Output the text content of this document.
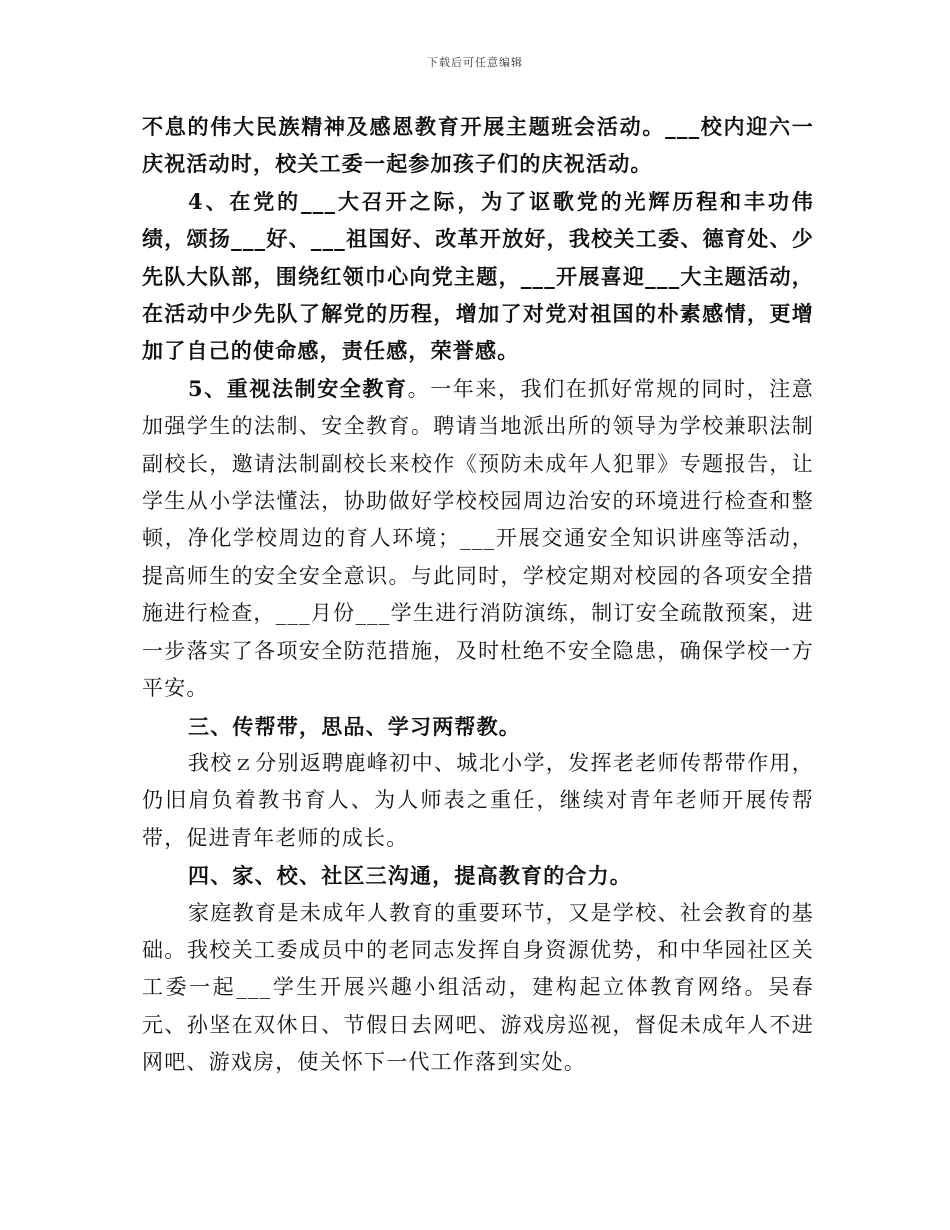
下载后可任意编辑

不息的伟大民族精神及感恩教育开展主题班会活动。___校内迎六一庆祝活动时，校关工委一起参加孩子们的庆祝活动。

4、在党的___大召开之际，为了讴歌党的光辉历程和丰功伟绩，颂扬___好、___祖国好、改革开放好，我校关工委、德育处、少先队大队部，围绕红领巾心向党主题，___开展喜迎___大主题活动，在活动中少先队了解党的历程，增加了对党对祖国的朴素感情，更增加了自己的使命感，责任感，荣誉感。

5、重视法制安全教育。一年来，我们在抓好常规的同时，注意加强学生的法制、安全教育。聘请当地派出所的领导为学校兼职法制副校长，邀请法制副校长来校作《预防未成年人犯罪》专题报告，让学生从小学法懂法，协助做好学校校园周边治安的环境进行检查和整顿，净化学校周边的育人环境；___开展交通安全知识讲座等活动，提高师生的安全安全意识。与此同时，学校定期对校园的各项安全措施进行检查，___月份___学生进行消防演练，制订安全疏散预案，进一步落实了各项安全防范措施，及时杜绝不安全隐患，确保学校一方平安。

三、传帮带，思品、学习两帮教。

我校ｚ分别返聘鹿峰初中、城北小学，发挥老老师传帮带作用，仍旧肩负着教书育人、为人师表之重任，继续对青年老师开展传帮带，促进青年老师的成长。

四、家、校、社区三沟通，提高教育的合力。

家庭教育是未成年人教育的重要环节，又是学校、社会教育的基础。我校关工委成员中的老同志发挥自身资源优势，和中华园社区关工委一起___学生开展兴趣小组活动，建构起立体教育网络。吴春元、孙坚在双休日、节假日去网吧、游戏房巡视，督促未成年人不进网吧、游戏房，使关怀下一代工作落到实处。
